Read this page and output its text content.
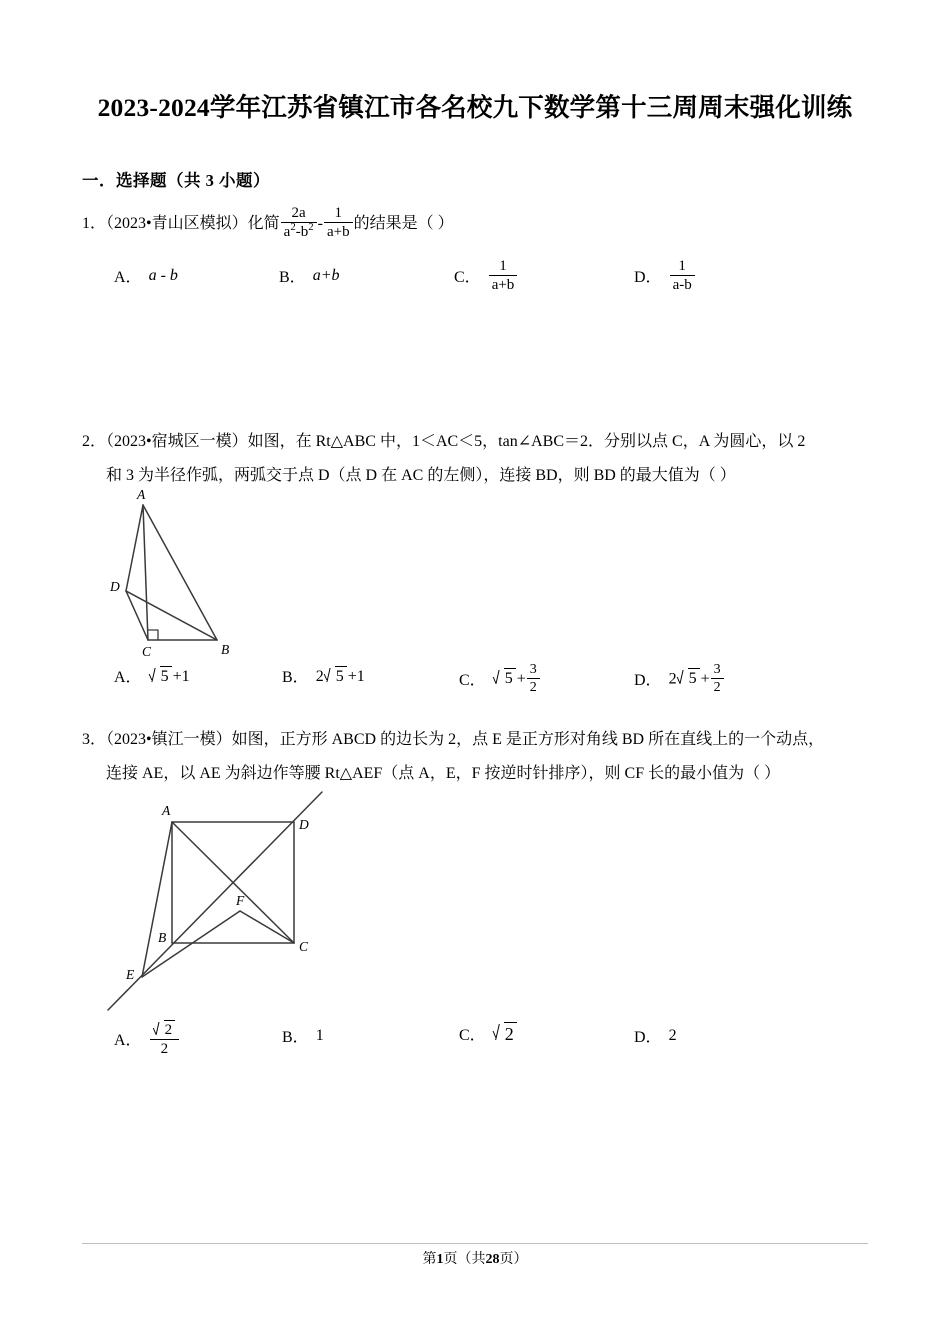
2023-2024学年江苏省镇江市各名校九下数学第十三周周末强化训练
一．选择题（共 3 小题）
1．（2023•青山区模拟）化简 $\frac{2a}{a^2-b^2} - \frac{1}{a+b}$ 的结果是（ ）
A． a - b	B． a+b	C． $\frac{1}{a+b}$	D． $\frac{1}{a-b}$
2．（2023•宿城区一模）如图，在 Rt△ABC 中，1＜AC＜5，tan∠ABC＝2．分别以点 C，A 为圆心，以 2
和 3 为半径作弧，两弧交于点 D（点 D 在 AC 的左侧），连接 BD，则 BD 的最大值为（ ）
A
D
C	B
A．	5 +1	B． 2 5 +1	C．	$5 + \frac{3}{2}$	D． 2 $5 + \frac{3}{2}$
3．（2023•镇江一模）如图，正方形 ABCD 的边长为 2，点 E 是正方形对角线 BD 所在直线上的一个动点，
连接 AE，以 AE 为斜边作等腰 Rt△AEF（点 A，E，F 按逆时针排序），则 CF 长的最小值为（ ）
A
D
F
B
C
E
A． $\frac{2}{2}$	B． 1	C．	2	D． 2
第1页（共28页）
